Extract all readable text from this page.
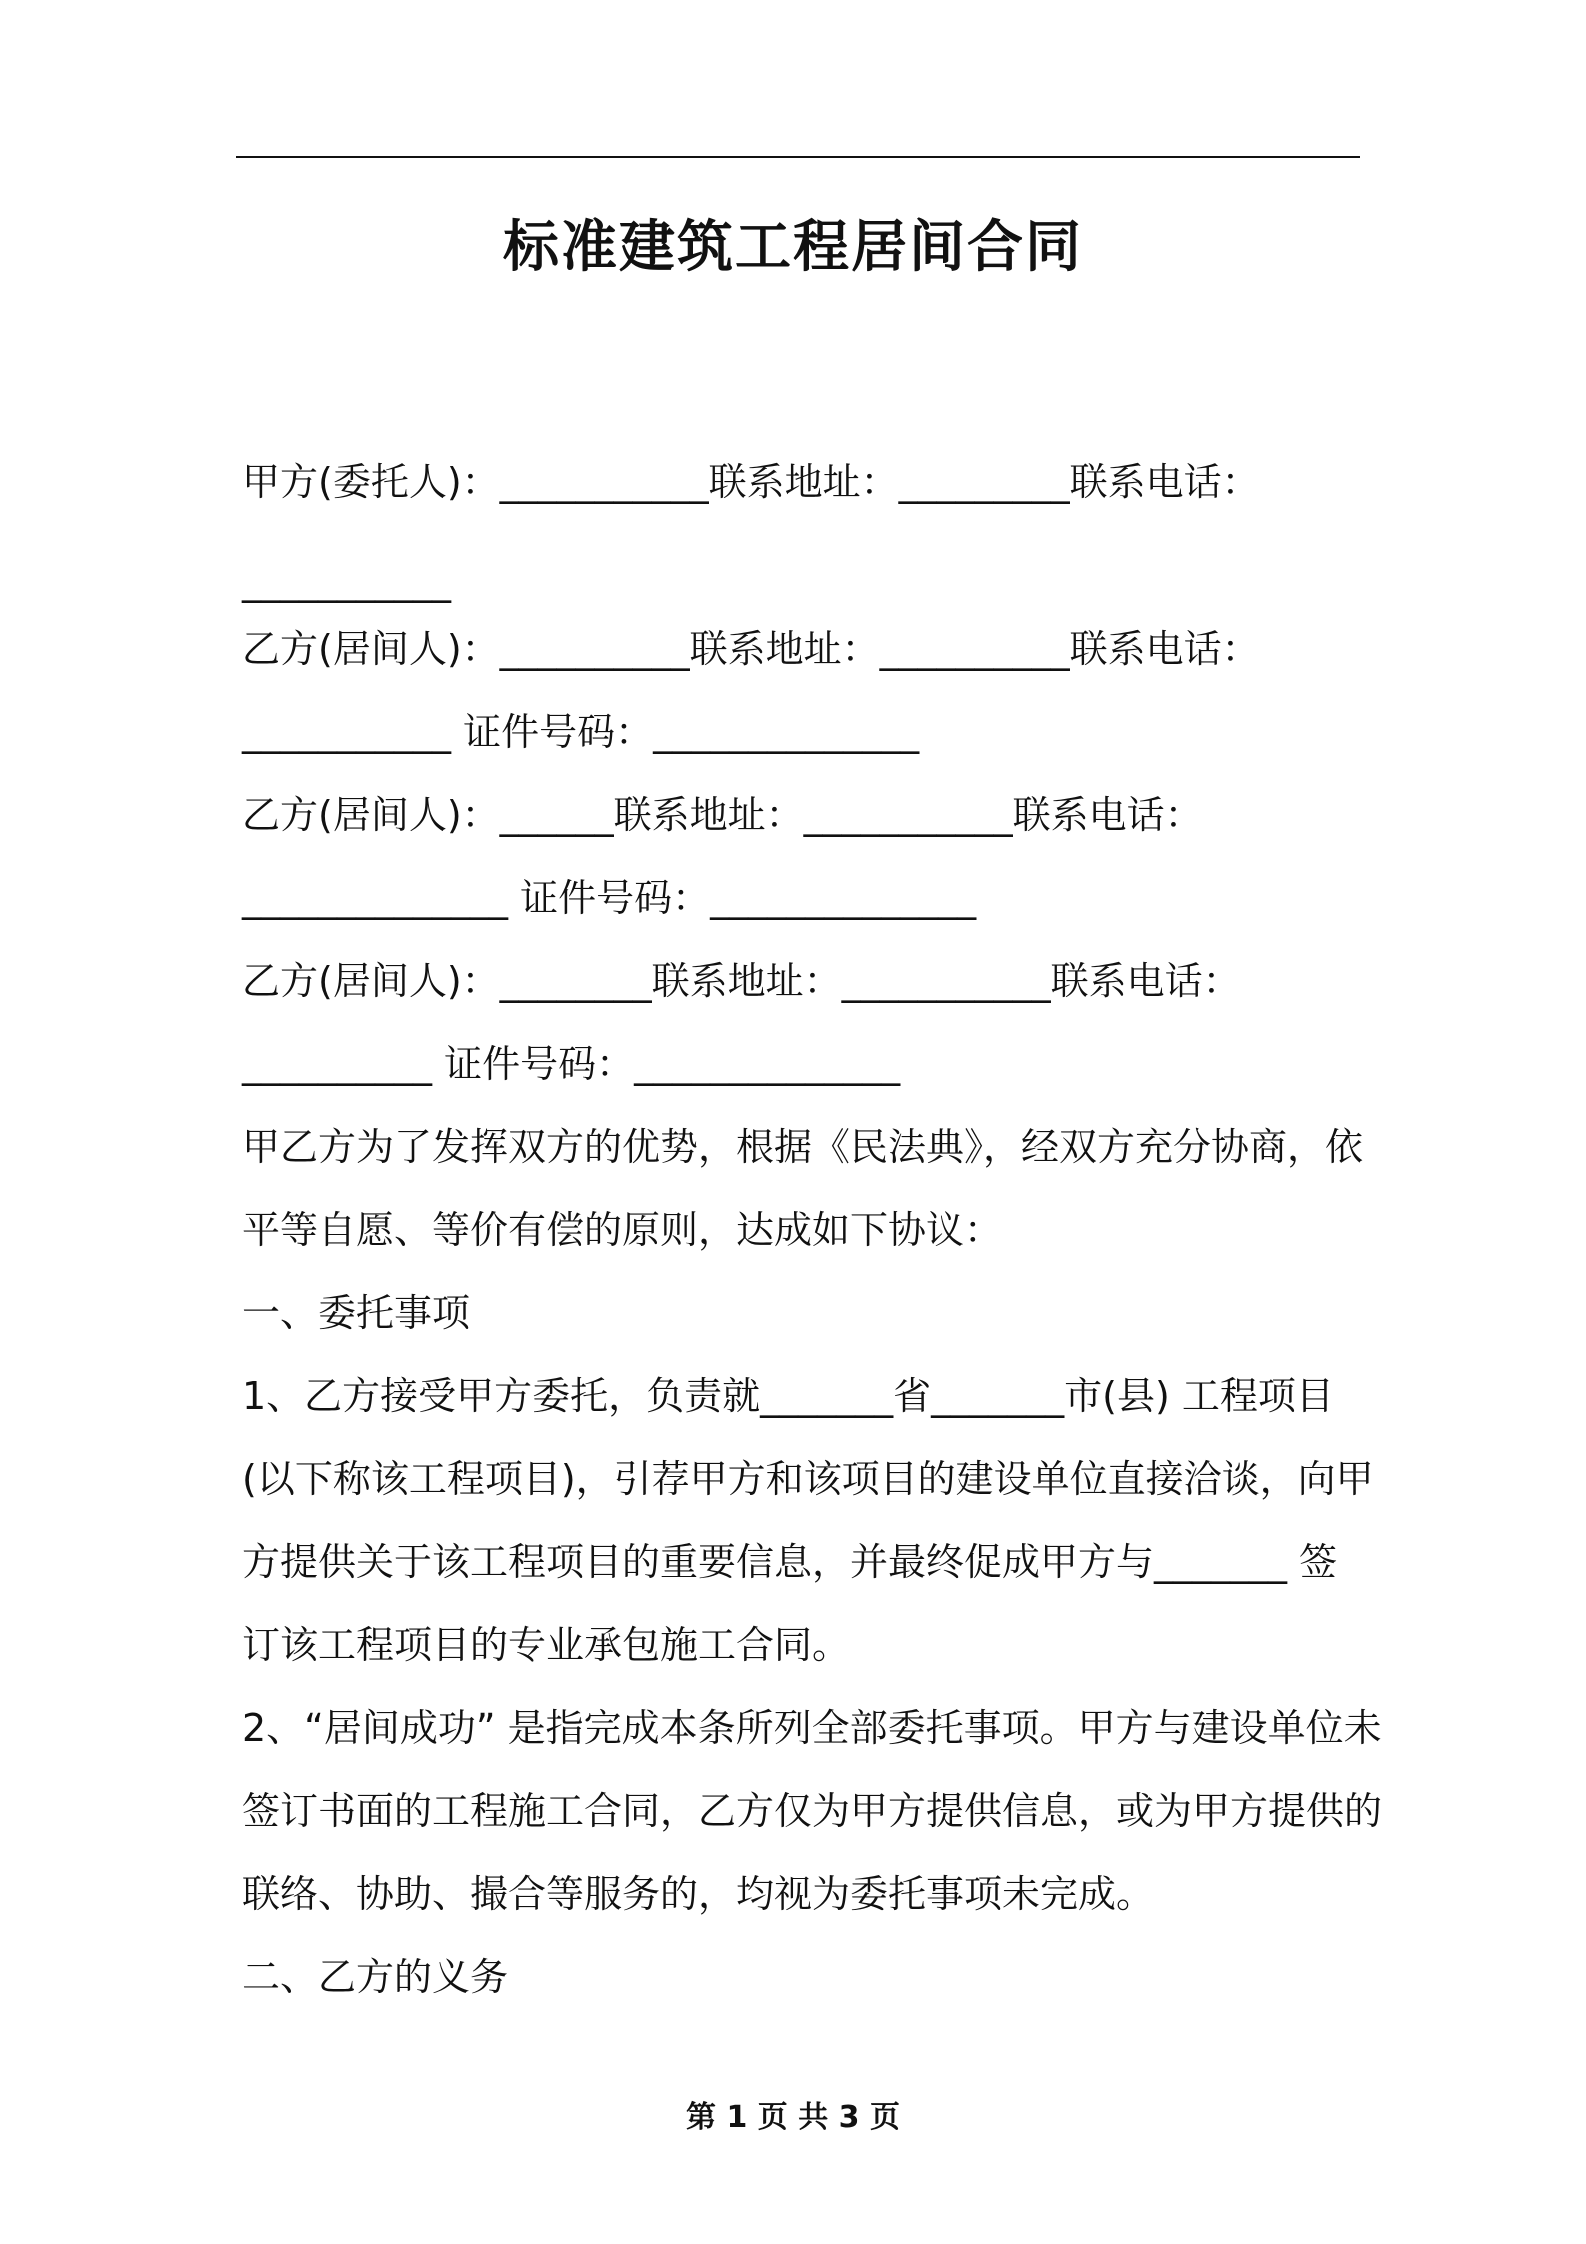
标准建筑工程居间合同
甲方(委托人)：___________联系地址：_________联系电话：
___________
乙方(居间人)：__________联系地址：__________联系电话：
___________ 证件号码：______________
乙方(居间人)：______联系地址：___________联系电话：
______________ 证件号码：______________
乙方(居间人)：________联系地址：___________联系电话：
__________ 证件号码：______________
甲乙方为了发挥双方的优势，根据《民法典》，经双方充分协商，依
平等自愿、等价有偿的原则，达成如下协议：
一、委托事项
1、乙方接受甲方委托，负责就_______省_______市(县) 工程项目
(以下称该工程项目)，引荐甲方和该项目的建设单位直接洽谈，向甲
方提供关于该工程项目的重要信息，并最终促成甲方与_______ 签
订该工程项目的专业承包施工合同。
2、“居间成功” 是指完成本条所列全部委托事项。甲方与建设单位未
签订书面的工程施工合同，乙方仅为甲方提供信息，或为甲方提供的
联络、协助、撮合等服务的，均视为委托事项未完成。
二、乙方的义务
第 1 页 共 3 页
